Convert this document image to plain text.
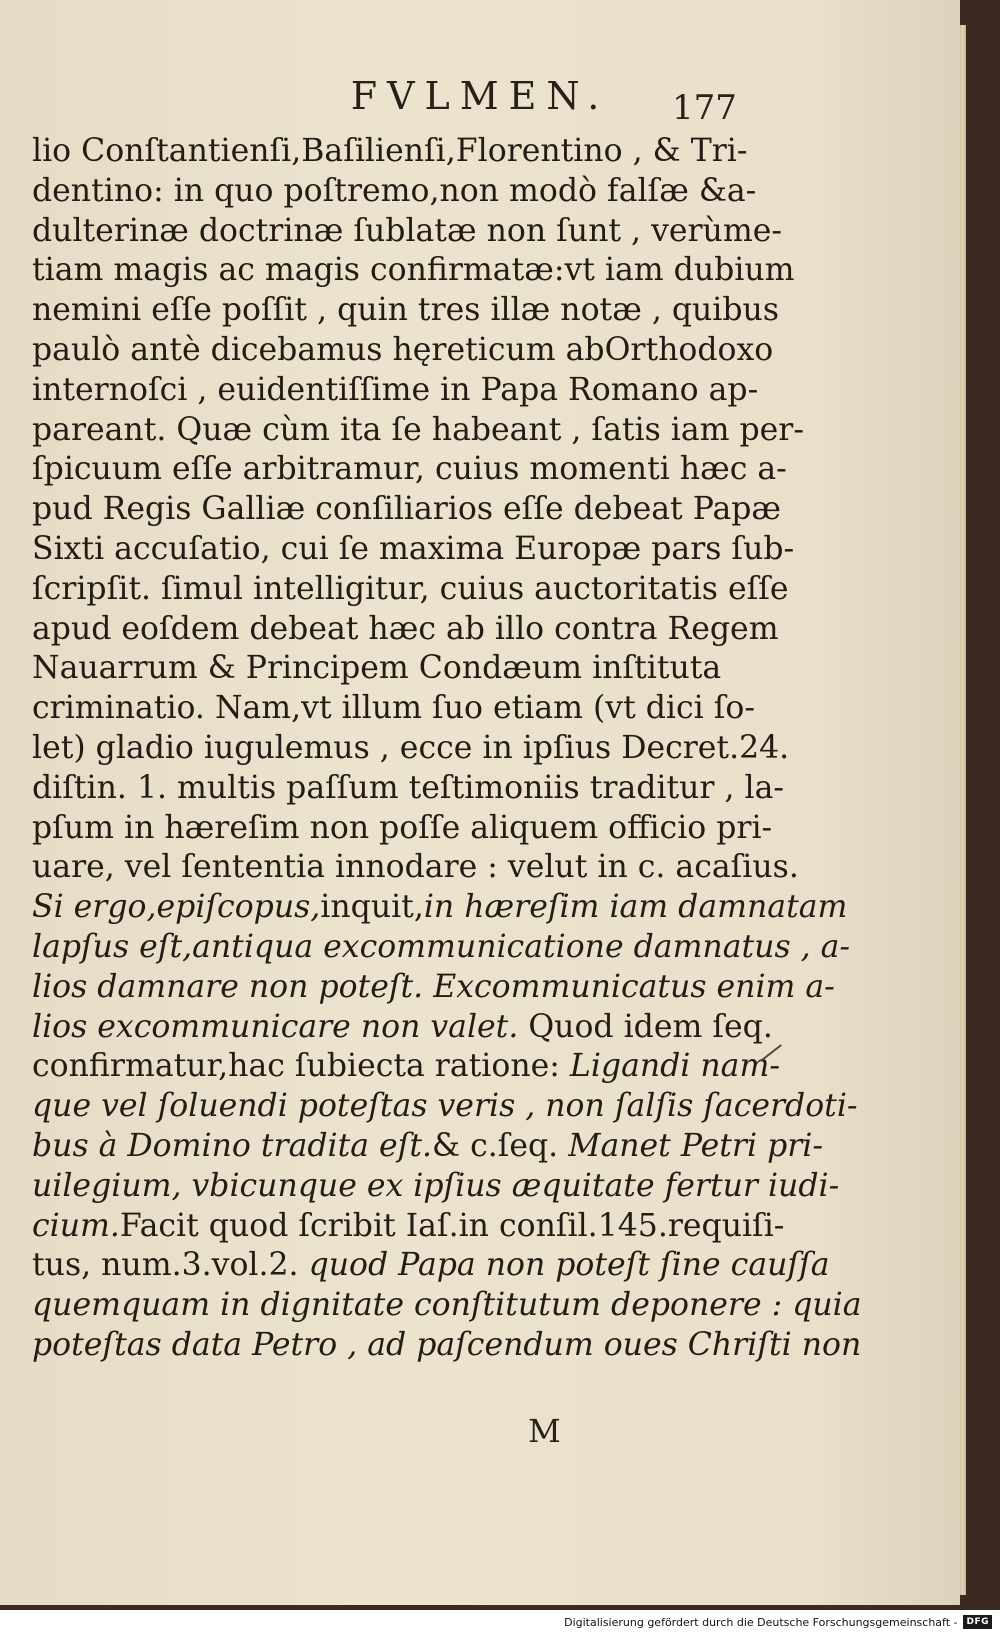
FVLMEN.	177
lio Conſtantienſi,Baſilienſi,Florentino , & Tri-
dentino: in quo poſtremo,non modò falſæ &a-
dulterinæ doctrinæ ſublatæ non ſunt , verùme-
tiam magis ac magis confirmatæ:vt iam dubium
nemini eſſe poſſit , quin tres illæ notæ , quibus
paulò antè dicebamus hęreticum abOrthodoxo
internoſci , euidentiſſime in Papa Romano ap-
pareant. Quæ cùm ita ſe habeant , ſatis iam per-
ſpicuum eſſe arbitramur, cuius momenti hæc a-
pud Regis Galliæ conſiliarios eſſe debeat Papæ
Sixti accuſatio, cui ſe maxima Europæ pars ſub-
ſcripſit. ſimul intelligitur, cuius auctoritatis eſſe
apud eoſdem debeat hæc ab illo contra Regem
Nauarrum & Principem Condæum inſtituta
criminatio. Nam,vt illum ſuo etiam (vt dici ſo-
let) gladio iugulemus , ecce in ipſius Decret.24.
diſtin. 1. multis paſſum teſtimoniis traditur , la-
pſum in hæreſim non poſſe aliquem officio pri-
uare, vel ſententia innodare : velut in c. acaſius.
Si ergo,epiſcopus,inquit,in hæreſim iam damnatam
lapſus eſt,antiqua excommunicatione damnatus , a-
lios damnare non poteſt. Excommunicatus enim a-
lios excommunicare non valet. Quod idem ſeq.
confirmatur,hac ſubiecta ratione: Ligandi nam-
que vel ſoluendi poteſtas veris , non ſalſis ſacerdoti-
bus à Domino tradita eſt.& c.ſeq. Manet Petri pri-
uilegium, vbicunque ex ipſius æquitate fertur iudi-
cium.Facit quod ſcribit Iaſ.in conſil.145.requiſi-
tus, num.3.vol.2. quod Papa non poteſt ſine cauſſa
quemquam in dignitate conſtitutum deponere : quia
poteſtas data Petro , ad paſcendum oues Chriſti non
M
Digitalisierung gefördert durch die Deutsche Forschungsgemeinschaft -	DFG
